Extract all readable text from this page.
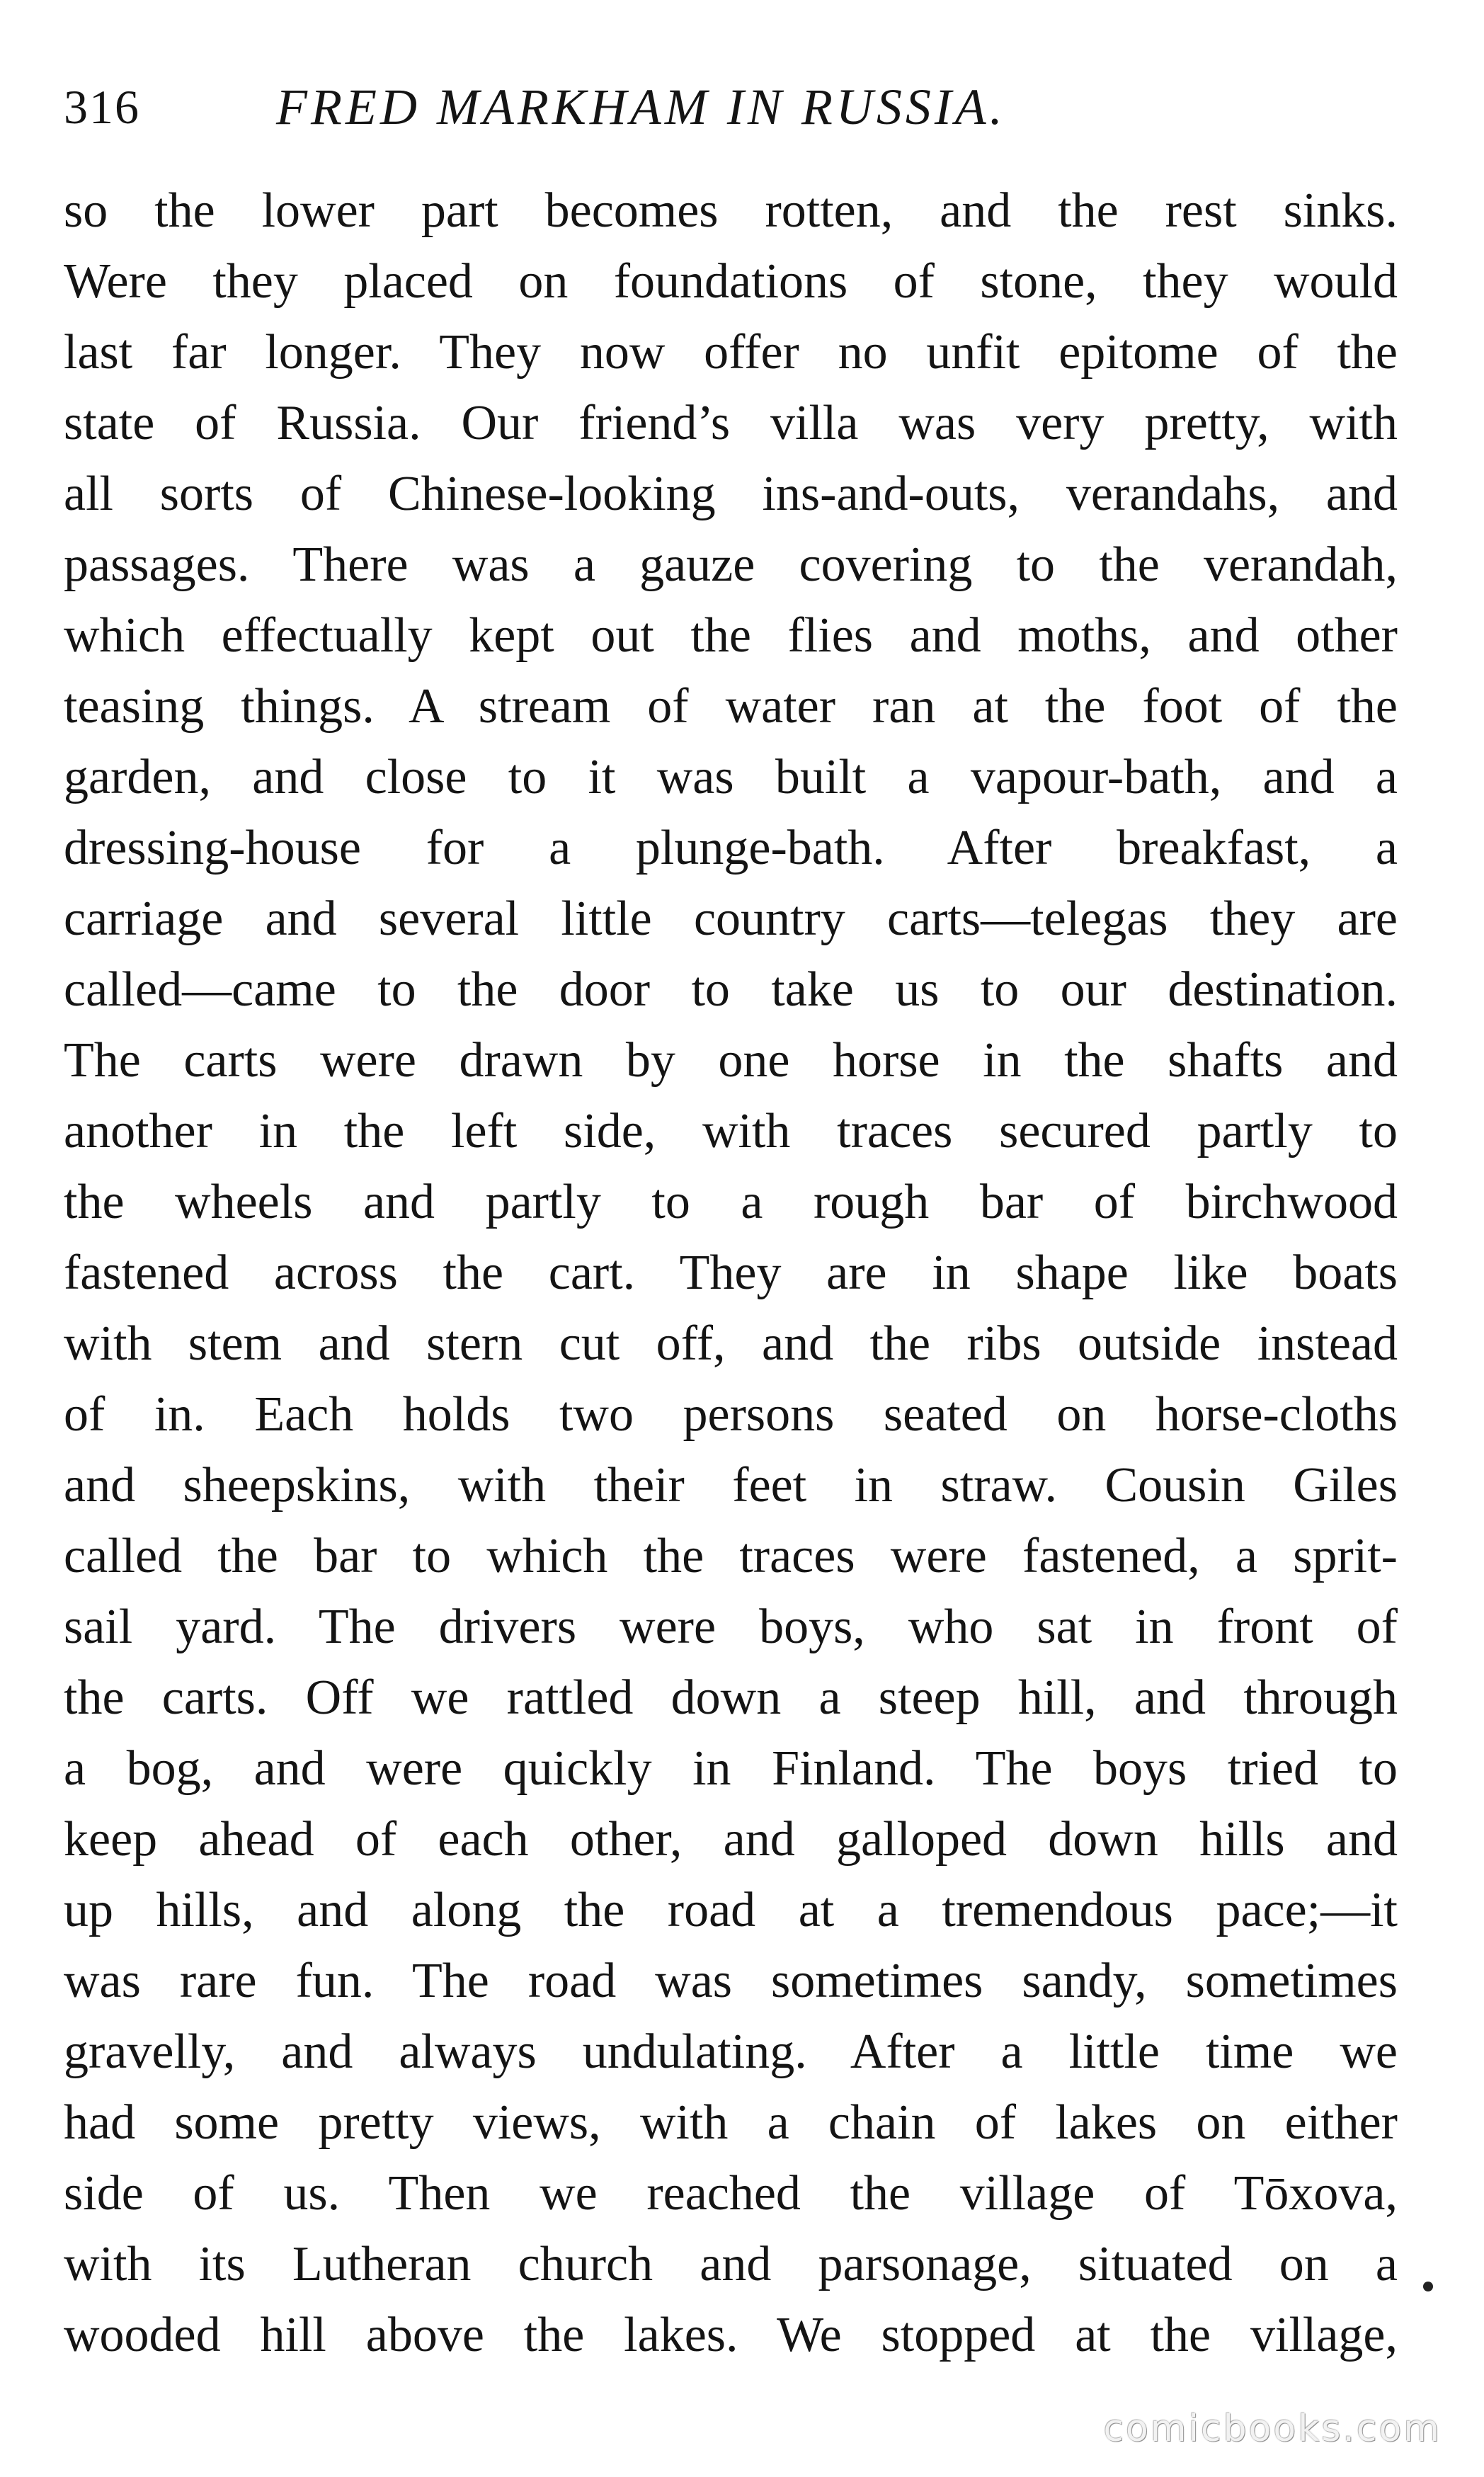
316	FRED MARKHAM IN RUSSIA.
so the lower part becomes rotten, and the rest sinks.
Were they placed on foundations of stone, they would
last far longer. They now offer no unfit epitome of the
state of Russia. Our friend’s villa was very pretty, with
all sorts of Chinese-looking ins-and-outs, verandahs, and
passages. There was a gauze covering to the verandah,
which effectually kept out the flies and moths, and other
teasing things. A stream of water ran at the foot of the
garden, and close to it was built a vapour-bath, and a
dressing-house for a plunge-bath. After breakfast, a
carriage and several little country carts—telegas they are
called—came to the door to take us to our destination.
The carts were drawn by one horse in the shafts and
another in the left side, with traces secured partly to
the wheels and partly to a rough bar of birchwood
fastened across the cart. They are in shape like boats
with stem and stern cut off, and the ribs outside instead
of in. Each holds two persons seated on horse-cloths
and sheepskins, with their feet in straw. Cousin Giles
called the bar to which the traces were fastened, a sprit-
sail yard. The drivers were boys, who sat in front of
the carts. Off we rattled down a steep hill, and through
a bog, and were quickly in Finland. The boys tried to
keep ahead of each other, and galloped down hills and
up hills, and along the road at a tremendous pace;—it
was rare fun. The road was sometimes sandy, sometimes
gravelly, and always undulating. After a little time we
had some pretty views, with a chain of lakes on either
side of us. Then we reached the village of Tōxova,
with its Lutheran church and parsonage, situated on a
wooded hill above the lakes. We stopped at the village,
comicbooks.com
